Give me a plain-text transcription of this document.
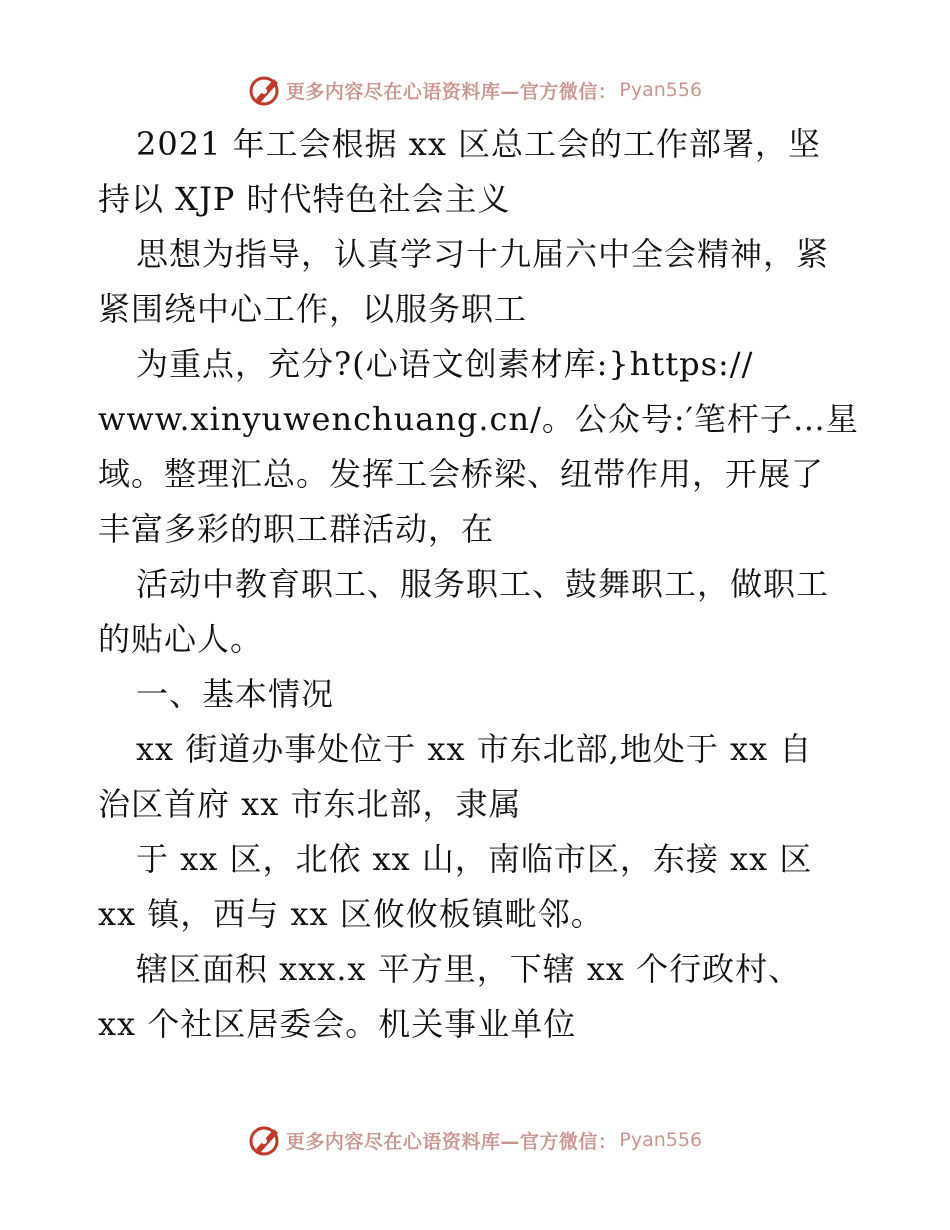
更多内容尽在心语资料库—官方微信： Pyan556

2021 年工会根据 xx 区总工会的工作部署，坚

持以 XJP 时代特色社会主义

思想为指导，认真学习十九届六中全会精神，紧

紧围绕中心工作，以服务职工

为重点，充分?(心语文创素材库:}https://

www.xinyuwenchuang.cn/。公众号:′笔杆子…星

域。整理汇总。发挥工会桥梁、纽带作用，开展了

丰富多彩的职工群活动，在

活动中教育职工、服务职工、鼓舞职工，做职工

的贴心人。

一、基本情况

xx 街道办事处位于 xx 市东北部,地处于 xx 自

治区首府 xx 市东北部，隶属

于 xx 区，北依 xx 山，南临市区，东接 xx 区

xx 镇，西与 xx 区攸攸板镇毗邻。

辖区面积 xxx.x 平方里，下辖 xx 个行政村、

xx 个社区居委会。机关事业单位

更多内容尽在心语资料库—官方微信： Pyan556
